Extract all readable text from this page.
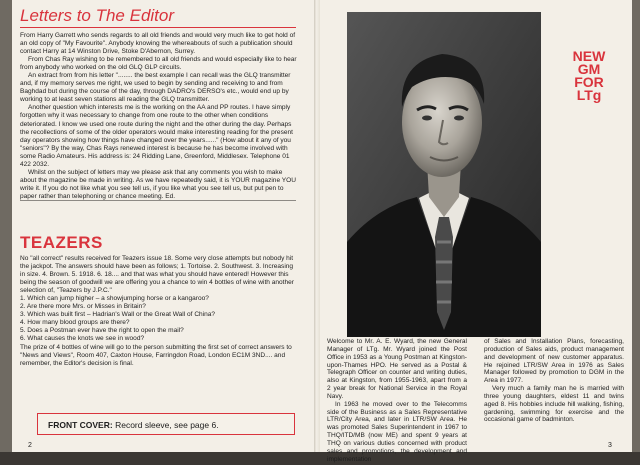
Letters to The Editor

From Harry Garrett who sends regards to all old friends and would very much like to get hold of an old copy of "My Favourite". Anybody knowing the whereabouts of such a publication should contact Harry at 14 Winston Drive, Stoke D'Abernon, Surrey.

From Chas Ray wishing to be remembered to all old friends and would especially like to hear from anybody who worked on the old GLQ GLP circuits.

An extract from from his letter "........ the best example I can recall was the GLQ transmitter and, if my memory serves me right, we used to begin by sending and receiving to and from Baghdad but during the course of the day, through DADRO's DERSO's etc., would end up by working to at least seven stations all reading the GLQ transmitter.

Another question which interests me is the working on the AA and PP routes. I have simply forgotten why it was necessary to change from one route to the other when conditions deteriorated. I know we used one route during the night and the other during the day. Perhaps the recollections of some of the older operators would make interesting reading for the present day operators showing how things have changed over the years......" (How about it any of you "seniors"? By the way, Chas Rays renewed interest is because he has become involved with some Radio Amateurs. His address is: 24 Ridding Lane, Greenford, Middlesex. Telephone 01 422 2032.

Whilst on the subject of letters may we please ask that any comments you wish to make about the magazine be made in writing. As we have repeatedly said, it is YOUR magazine YOU write it. If you do not like what you see tell us, if you like what you see tell us, but put pen to paper rather than telephoning or chance meeting. Ed.

TEAZERS

No "all correct" results received for Teazers issue 18. Some very close attempts but nobody hit the jackpot. The answers should have been as follows; 1. Tortoise. 2. Southwest. 3. Increasing in size. 4. Brown. 5. 1918. 6. 18.... and that was what you should have entered! However this being the season of goodwill we are offering you a chance to win 4 bottles of wine with another selection of, "Teazers by J.P.C."

1. Which can jump higher – a showjumping horse or a kangaroo?
2. Are there more Mrs. or Misses in Britain?
3. Which was built first – Hadrian's Wall or the Great Wall of China?
4. How many blood groups are there?
5. Does a Postman ever have the right to open the mail?
6. What causes the knots we see in wood?

The prize of 4 bottles of wine will go to the person submitting the first set of correct answers to "News and Views", Room 407, Caxton House, Farringdon Road, London EC1M 3ND.... and remember, the Editor's decision is final.

FRONT COVER: Record sleeve, see page 6.
2
NEW
GM
FOR
LTg

Welcome to Mr. A. E. Wyard, the new General Manager of LTg. Mr. Wyard joined the Post Office in 1953 as a Young Postman at Kingston-upon-Thames HPO. He served as a Postal & Telegraph Officer on counter and writing duties, also at Kingston, from 1955-1963, apart from a 2 year break for National Service in the Royal Navy.

In 1963 he moved over to the Telecomms side of the Business as a Sales Representative LTR/City Area, and later in LTR/SW Area. He was promoted Sales Superintendent in 1967 to THQ/ITD/MB (now ME) and spent 9 years at THQ on various duties concerned with product sales and promotions, the development and implementation

of Sales and Installation Plans, forecasting, production of Sales aids, product management and development of new customer apparatus. He rejoined LTR/SW Area in 1976 as Sales Manager followed by promotion to DGM in the Area in 1977.

Very much a family man he is married with three young daughters, eldest 11 and twins aged 8. His hobbies include hill walking, fishing, gardening, swimming for exercise and the occasional game of badminton.

3
